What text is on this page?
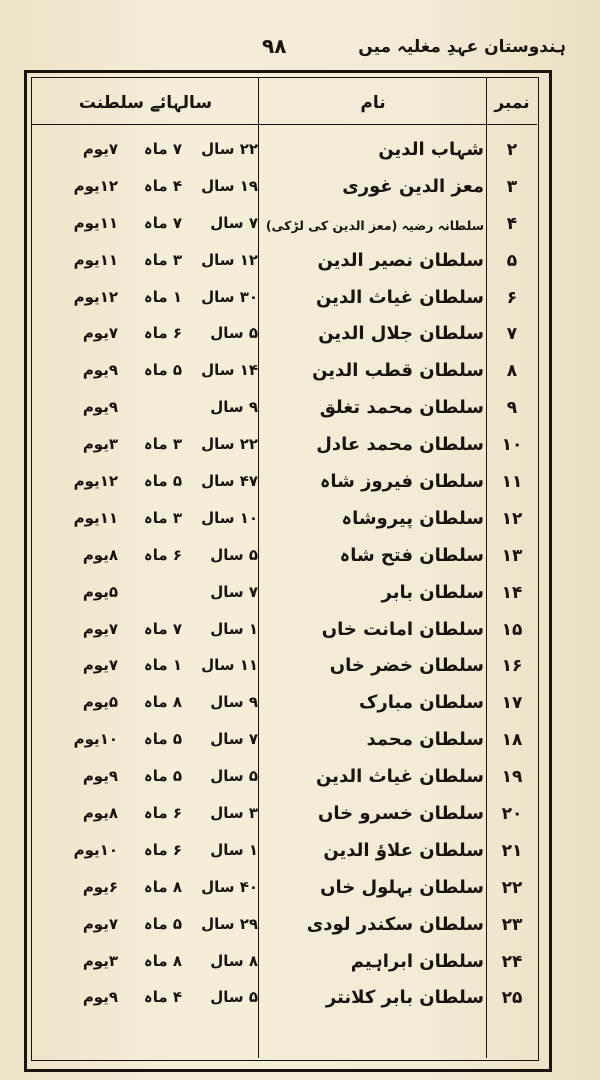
ہندوستان عہدِ مغلیہ میں
۹۸
نمبر
نام
سالہائے سلطنت
۲
شہاب الدین
۲۲ سال
۷ ماہ
۷یوم
۳
معز الدین غوری
۱۹ سال
۴ ماہ
۱۲یوم
۴
سلطانہ رضیہ (معز الدین کی لڑکی)
۷ سال
۷ ماہ
۱۱یوم
۵
سلطان نصیر الدین
۱۲ سال
۳ ماہ
۱۱یوم
۶
سلطان غیاث الدین
۳۰ سال
۱ ماہ
۱۲یوم
۷
سلطان جلال الدین
۵ سال
۶ ماہ
۷یوم
۸
سلطان قطب الدین
۱۴ سال
۵ ماہ
۹یوم
۹
سلطان محمد تغلق
۹ سال
۹یوم
۱۰
سلطان محمد عادل
۲۲ سال
۳ ماہ
۳یوم
۱۱
سلطان فیروز شاہ
۴۷ سال
۵ ماہ
۱۲یوم
۱۲
سلطان پیروشاہ
۱۰ سال
۳ ماہ
۱۱یوم
۱۳
سلطان فتح شاہ
۵ سال
۶ ماہ
۸یوم
۱۴
سلطان بابر
۷ سال
۵یوم
۱۵
سلطان امانت خاں
۱ سال
۷ ماہ
۷یوم
۱۶
سلطان خضر خاں
۱۱ سال
۱ ماہ
۷یوم
۱۷
سلطان مبارک
۹ سال
۸ ماہ
۵یوم
۱۸
سلطان محمد
۷ سال
۵ ماہ
۱۰یوم
۱۹
سلطان غیاث الدین
۵ سال
۵ ماہ
۹یوم
۲۰
سلطان خسرو خاں
۳ سال
۶ ماہ
۸یوم
۲۱
سلطان علاؤ الدین
۱ سال
۶ ماہ
۱۰یوم
۲۲
سلطان بہلول خاں
۴۰ سال
۸ ماہ
۶یوم
۲۳
سلطان سکندر لودی
۲۹ سال
۵ ماہ
۷یوم
۲۴
سلطان ابراہیم
۸ سال
۸ ماہ
۳یوم
۲۵
سلطان بابر کلانتر
۵ سال
۴ ماہ
۹یوم
